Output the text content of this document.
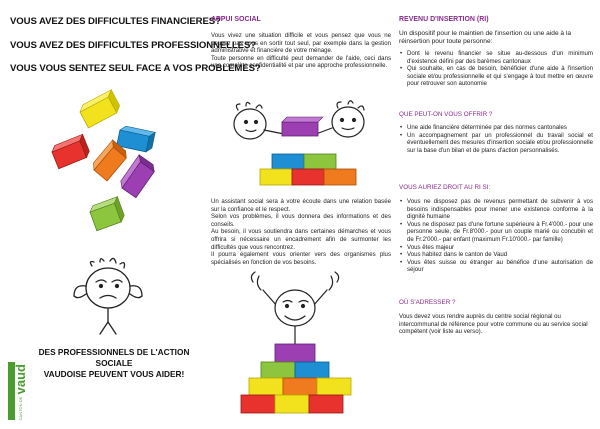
VOUS AVEZ DES DIFFICULTES FINANCIERES?
VOUS AVEZ DES DIFFICULTES PROFESSIONNELLES?
VOUS VOUS SENTEZ SEUL FACE A VOS PROBLEMES?
DES PROFESSIONNELS DE L'ACTION SOCIALE
VAUDOISE PEUVENT VOUS AIDER!
CANTON DE vaud
APPUI SOCIAL

Vous vivez une situation difficile et vous pensez que vous ne pouvez pas vous en sortir tout seul, par exemple dans la gestion administrative et financière de votre ménage.

Toute personne en difficulté peut demander de l'aide, ceci dans une complète confidentialité et par une approche professionnelle.

Un assistant social sera à votre écoute dans une relation basée sur la confiance et le respect.

Selon vos problèmes, il vous donnera des informations et des conseils.

Au besoin, il vous soutiendra dans certaines démarches et vous offrira si nécessaire un encadrement afin de surmonter les difficultés que vous rencontrez.

Il pourra également vous orienter vers des organismes plus spécialisés en fonction de vos besoins.

REVENU D'INSERTION (RI)
Un dispositif pour le maintien de l'insertion ou une aide à la réinsertion pour toute personne:
• Dont le revenu financier se situe au-dessous d'un minimum d'existence défini par des barèmes cantonaux
• Qui souhaite, en cas de besoin, bénéficier d'une aide à l'insertion sociale et/ou professionnelle et qui s'engage à tout mettre en œuvre pour retrouver son autonomie
QUE PEUT-ON VOUS OFFRIR ?
• Une aide financière déterminée par des normes cantonales
• Un accompagnement par un professionnel du travail social et éventuellement des mesures d'insertion sociale et/ou professionnelle sur la base d'un bilan et de plans d'action personnalisés.
VOUS AURIEZ DROIT AU RI SI:
• Vous ne disposez pas de revenus permettant de subvenir à vos besoins indispensables pour mener une existence conforme à la dignité humaine
• Vous ne disposez pas d'une fortune supérieure à Fr.4'000.- pour une personne seule, de Fr.8'000.- pour un couple marié ou concubin et de Fr.2'000.- par enfant (maximum Fr.10'000.- par famille)
• Vous êtes majeur
• Vous habitez dans le canton de Vaud
• Vous êtes suisse ou étranger au bénéfice d'une autorisation de séjour
OÙ S'ADRESSER ?
Vous devez vous rendre auprès du centre social régional ou intercommunal de référence pour votre commune ou au service social compétent (voir liste au verso).
